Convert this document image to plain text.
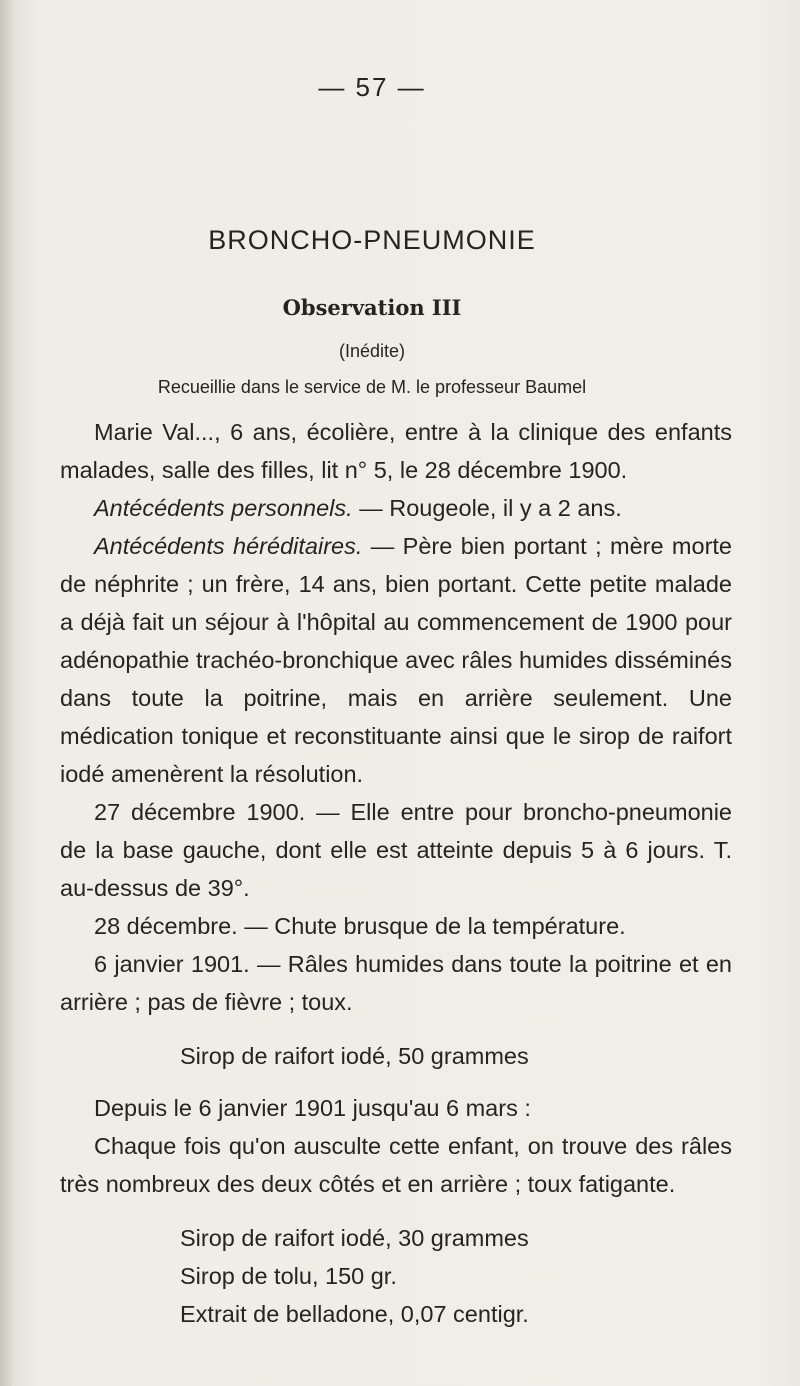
— 57 —
BRONCHO-PNEUMONIE
Observation III
(Inédite)
Recueillie dans le service de M. le professeur Baumel

Marie Val..., 6 ans, écolière, entre à la clinique des enfants malades, salle des filles, lit n° 5, le 28 décembre 1900.

Antécédents personnels. — Rougeole, il y a 2 ans.

Antécédents héréditaires. — Père bien portant ; mère morte de néphrite ; un frère, 14 ans, bien portant. Cette petite malade a déjà fait un séjour à l'hôpital au commencement de 1900 pour adénopathie trachéo-bronchique avec râles humides disséminés dans toute la poitrine, mais en arrière seulement. Une médication tonique et reconstituante ainsi que le sirop de raifort iodé amenèrent la résolution.

27 décembre 1900. — Elle entre pour broncho-pneumonie de la base gauche, dont elle est atteinte depuis 5 à 6 jours. T. au-dessus de 39°.

28 décembre. — Chute brusque de la température.

6 janvier 1901. — Râles humides dans toute la poitrine et en arrière ; pas de fièvre ; toux.

Sirop de raifort iodé, 50 grammes

Depuis le 6 janvier 1901 jusqu'au 6 mars :

Chaque fois qu'on ausculte cette enfant, on trouve des râles très nombreux des deux côtés et en arrière ; toux fatigante.

Sirop de raifort iodé, 30 grammes
Sirop de tolu, 150 gr.
Extrait de belladone, 0,07 centigr.
